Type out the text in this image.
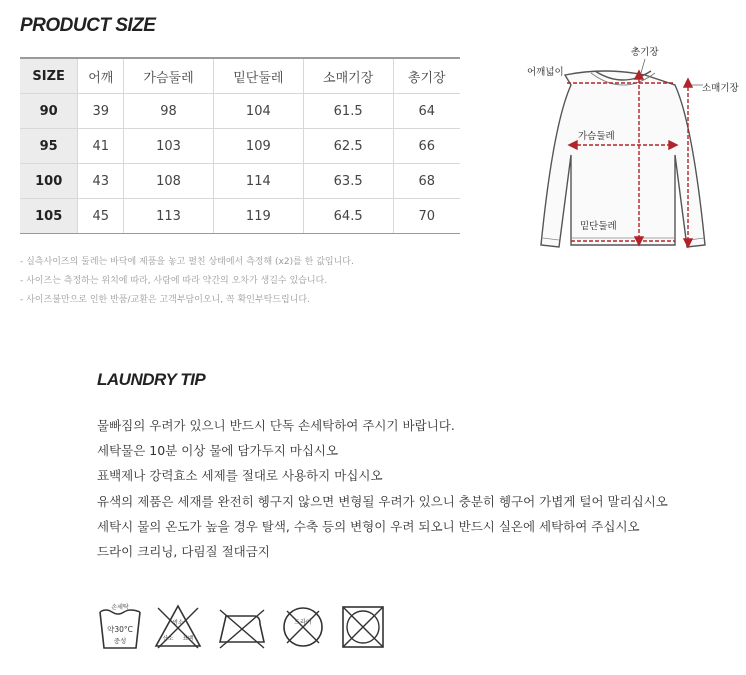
PRODUCT SIZE
SIZE	어깨	가슴둘레	밑단둘레	소매기장	총기장
90	39	98	104	61.5	64
95	41	103	109	62.5	66
100	43	108	114	63.5	68
105	45	113	119	64.5	70
- 실측사이즈의 둘레는 바닥에 제품을 놓고 펼친 상태에서 측정해 (x2)를 한 값입니다.
- 사이즈는 측정하는 위치에 따라, 사람에 따라 약간의 오차가 생길수 있습니다.
- 사이즈불만으로 인한 반품/교환은 고객부담이오니, 꼭 확인부탁드립니다.
총기장
어깨넓이
소매기장
가슴둘레
밑단둘레
LAUNDRY TIP
물빠짐의 우려가 있으니 반드시 단독 손세탁하여 주시기 바랍니다.
세탁물은 10분 이상 물에 담가두지 마십시오
표백제나 강력효소 세제를 절대로 사용하지 마십시오
유색의 제품은 세재를 완전히 헹구지 않으면 변형될 우려가 있으니 충분히 헹구어 가볍게 털어 말리십시오
세탁시 물의 온도가 높을 경우 탈색, 수축 등의 변형이 우려 되오니 반드시 실온에 세탁하여 주십시오
드라이 크리닝, 다림질 절대금지
손세탁
약30°C
중성
염소
산소 표백
드라이
